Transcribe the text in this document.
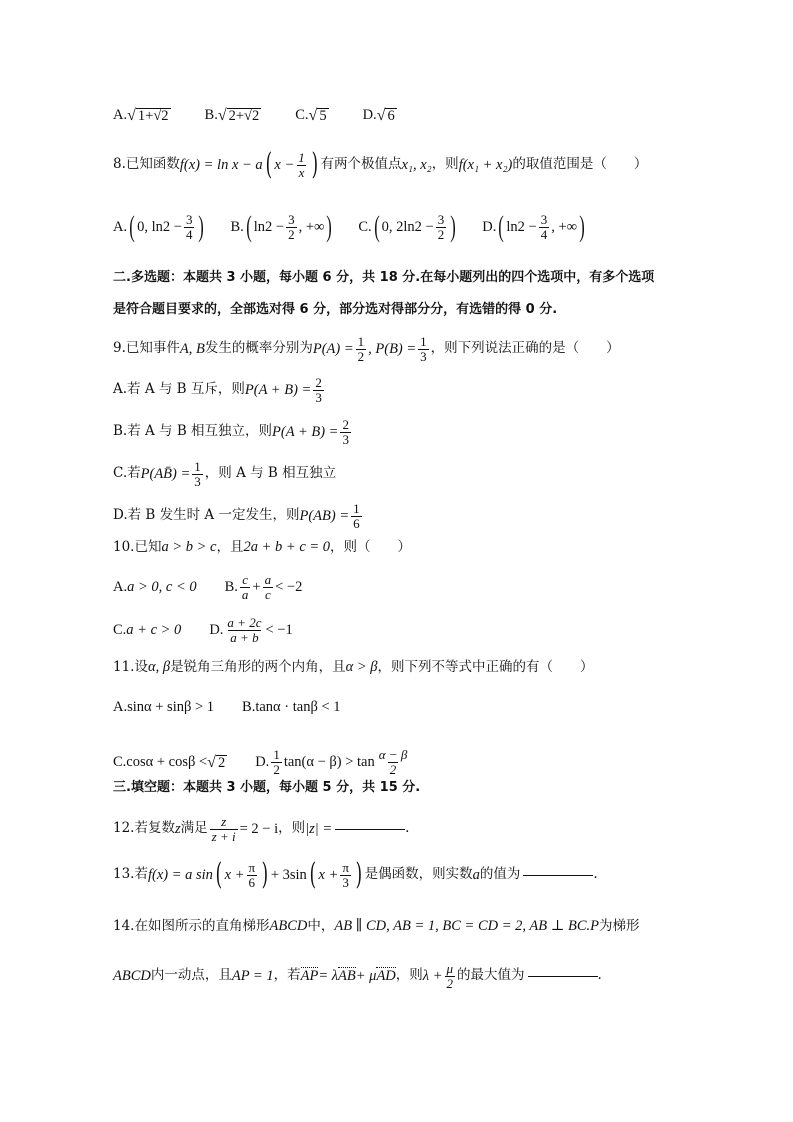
A. √ 1+√2 B. √ 2+√2 C. √ 5 D. √ 6
8.已知函数 f(x) = ln x − a ( $x - \frac{1}{x}$ ) 有两个极值点 x₁, x₂ ，则 f(x₁ + x₂) 的取值范围是（　　）
A. ( 0, $\ln 2 - \frac{3}{4}$ ) B. ( $\ln 2 - \frac{3}{2}$ , +∞ ) C. ( 0, $2\ln 2 - \frac{3}{2}$ ) D. ( $\ln 2 - \frac{3}{4}$ , +∞ )
二.多选题：本题共 3 小题，每小题 6 分，共 18 分.在每小题列出的四个选项中，有多个选项
是符合题目要求的，全部选对得 6 分，部分选对得部分分，有选错的得 0 分.
9.已知事件 A, B 发生的概率分别为 $P(A) = \frac{1}{2}$ , $P(B) = \frac{1}{3}$ ，则下列说法正确的是（　　）
A.若 A 与 B 互斥，则 $P(A + B) = \frac{2}{3}$
B.若 A 与 B 相互独立，则 $P(A + B) = \frac{2}{3}$
C.若 P(AB̄) = $\frac{1}{3}$ ，则 A 与 B 相互独立
D.若 B 发生时 A 一定发生，则 $P(AB) = \frac{1}{6}$
10.已知 a > b > c ，且 2a + b + c = 0 ，则（　　）
A. a > 0, c < 0 B. $\frac{c}{a} + \frac{a}{c} < -2$
C. a + c > 0 D. $\frac{a + 2c}{a + b} < -1$
11.设 α, β 是锐角三角形的两个内角，且 α > β ，则下列不等式中正确的有（　　）
A. sinα + sinβ > 1 B. tanα · tanβ < 1
C. cosα + cosβ < √ 2 D. $\frac{1}{2} \tan(\alpha - \beta) > \tan \frac{\alpha - \beta}{2}$
三.填空题：本题共 3 小题，每小题 5 分，共 15 分.
12.若复数 z 满足 $\frac{z}{z + i} = 2 - i$ ，则 |z| =	.
13.若 f(x) = a sin ( $x + \frac{\pi}{6}$ ) + 3sin ( $x + \frac{\pi}{3}$ ) 是偶函数，则实数 a 的值为	.
14.在如图所示的直角梯形 ABCD 中， AB ∥ CD, AB = 1, BC = CD = 2, AB ⊥ BC.P 为梯形
ABCD 内一动点，且 AP = 1 ，若 AP = λ AB + μ AD ，则 $\lambda + \frac{\mu}{2}$ 的最大值为	.
